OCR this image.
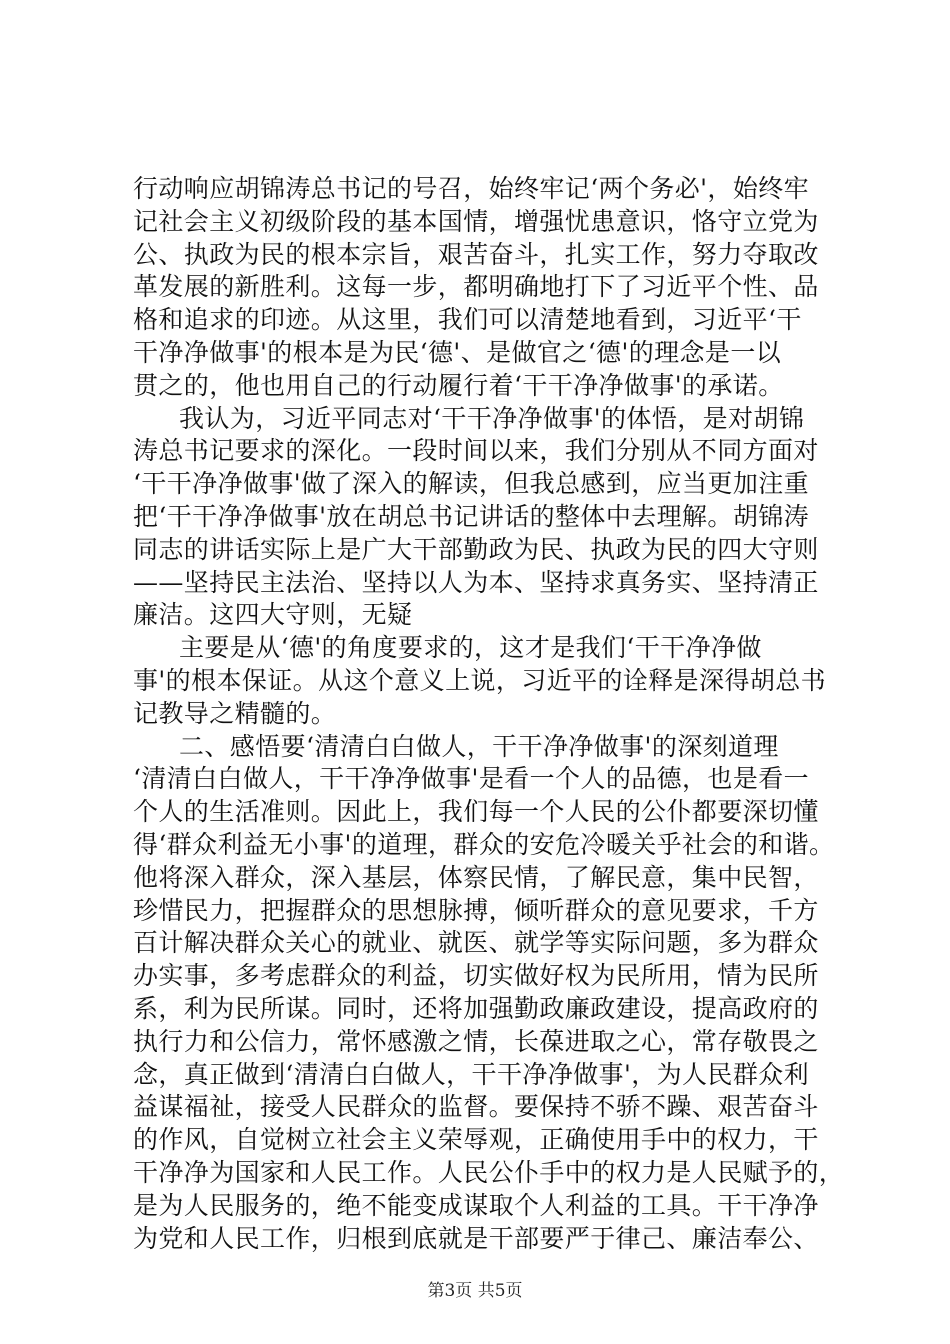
行动响应胡锦涛总书记的号召，始终牢记‘两个务必'，始终牢
记社会主义初级阶段的基本国情，增强忧患意识，恪守立党为
公、执政为民的根本宗旨，艰苦奋斗，扎实工作，努力夺取改
革发展的新胜利。这每一步，都明确地打下了习近平个性、品
格和追求的印迹。从这里，我们可以清楚地看到，习近平‘干
干净净做事'的根本是为民‘德'、是做官之‘德'的理念是一以
贯之的，他也用自己的行动履行着‘干干净净做事'的承诺。
我认为，习近平同志对‘干干净净做事'的体悟，是对胡锦
涛总书记要求的深化。一段时间以来，我们分别从不同方面对
‘干干净净做事'做了深入的解读，但我总感到，应当更加注重
把‘干干净净做事'放在胡总书记讲话的整体中去理解。胡锦涛
同志的讲话实际上是广大干部勤政为民、执政为民的四大守则
——坚持民主法治、坚持以人为本、坚持求真务实、坚持清正
廉洁。这四大守则，无疑
主要是从‘德'的角度要求的，这才是我们‘干干净净做
事'的根本保证。从这个意义上说，习近平的诠释是深得胡总书
记教导之精髓的。
二、感悟要‘清清白白做人，干干净净做事'的深刻道理
‘清清白白做人，干干净净做事'是看一个人的品德，也是看一
个人的生活准则。因此上，我们每一个人民的公仆都要深切懂
得‘群众利益无小事'的道理，群众的安危冷暖关乎社会的和谐。
他将深入群众，深入基层，体察民情，了解民意，集中民智，
珍惜民力，把握群众的思想脉搏，倾听群众的意见要求，千方
百计解决群众关心的就业、就医、就学等实际问题，多为群众
办实事，多考虑群众的利益，切实做好权为民所用，情为民所
系，利为民所谋。同时，还将加强勤政廉政建设，提高政府的
执行力和公信力，常怀感激之情，长葆进取之心，常存敬畏之
念，真正做到‘清清白白做人，干干净净做事'，为人民群众利
益谋福祉，接受人民群众的监督。要保持不骄不躁、艰苦奋斗
的作风，自觉树立社会主义荣辱观，正确使用手中的权力，干
干净净为国家和人民工作。人民公仆手中的权力是人民赋予的，
是为人民服务的，绝不能变成谋取个人利益的工具。干干净净
为党和人民工作，归根到底就是干部要严于律己、廉洁奉公、
第3页 共5页
